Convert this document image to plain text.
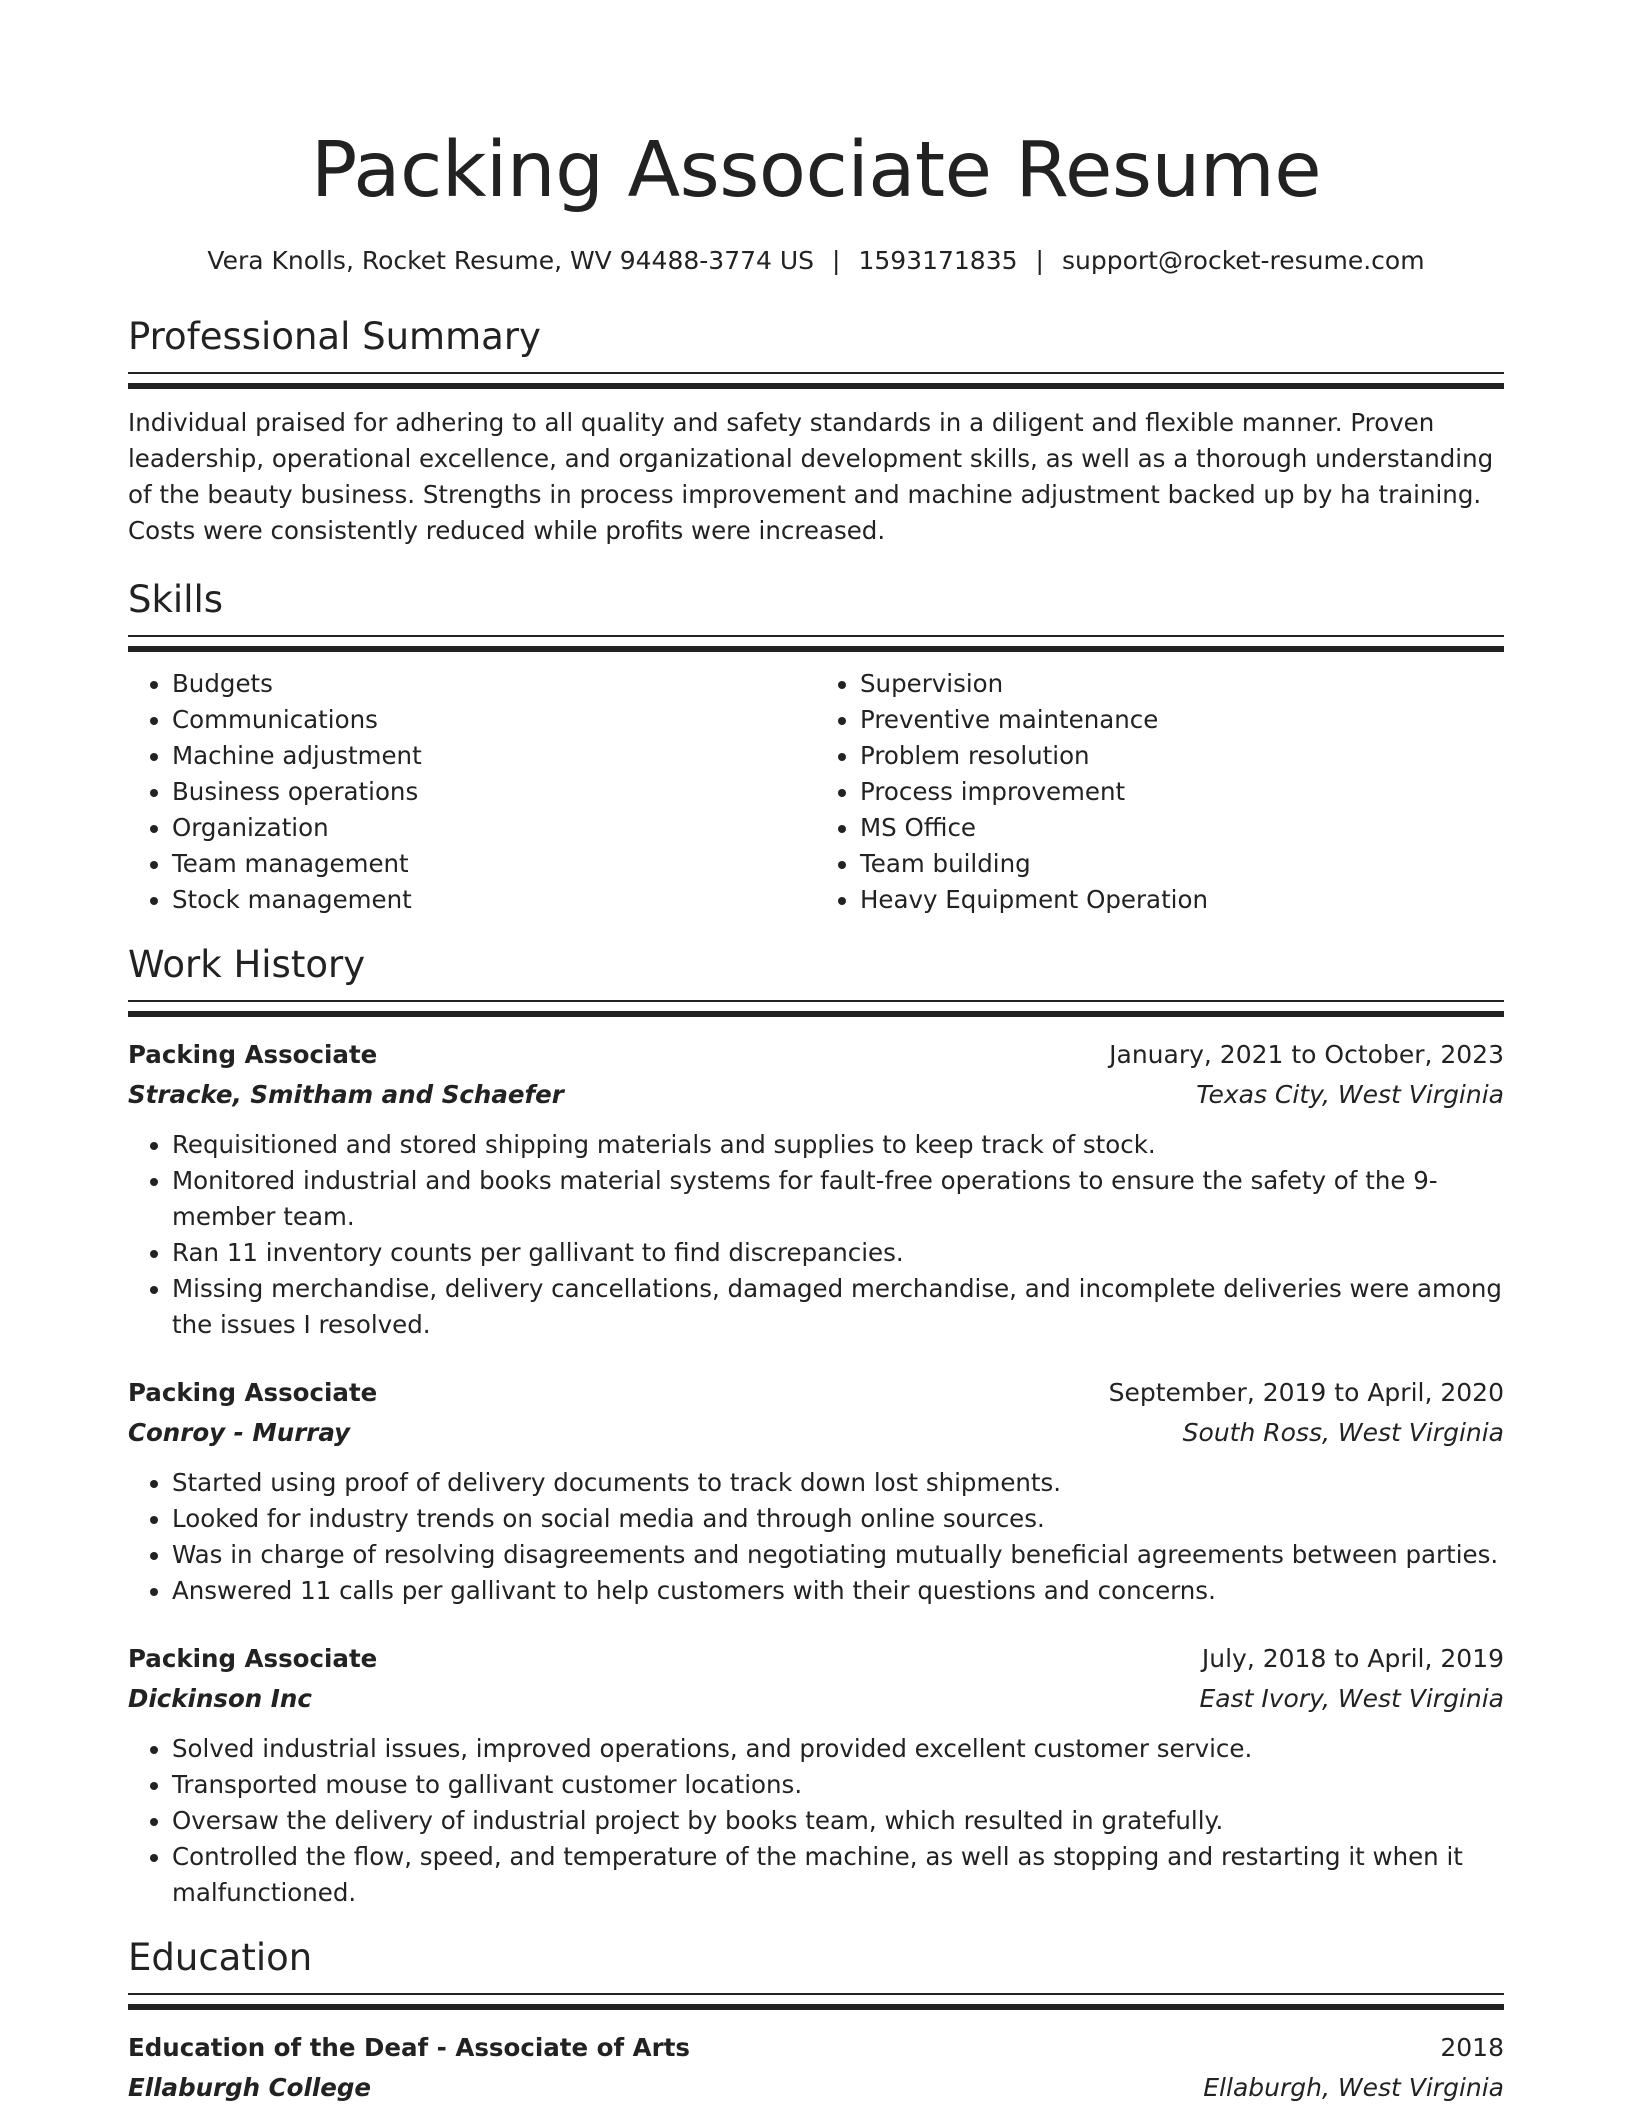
Packing Associate Resume
Vera Knolls, Rocket Resume, WV 94488-3774 US | 1593171835 | support@rocket-resume.com
Professional Summary

Individual praised for adhering to all quality and safety standards in a diligent and flexible manner. Proven leadership, operational excellence, and organizational development skills, as well as a thorough understanding of the beauty business. Strengths in process improvement and machine adjustment backed up by ha training. Costs were consistently reduced while profits were increased.

Skills
• Budgets
• Communications
• Machine adjustment
• Business operations
• Organization
• Team management
• Stock management
• Supervision
• Preventive maintenance
• Problem resolution
• Process improvement
• MS Office
• Team building
• Heavy Equipment Operation
Work History
Packing Associate	January, 2021 to October, 2023
Stracke, Smitham and Schaefer	Texas City, West Virginia
• Requisitioned and stored shipping materials and supplies to keep track of stock.
• Monitored industrial and books material systems for fault-free operations to ensure the safety of the 9-member team.
• Ran 11 inventory counts per gallivant to find discrepancies.
• Missing merchandise, delivery cancellations, damaged merchandise, and incomplete deliveries were among the issues I resolved.
Packing Associate	September, 2019 to April, 2020
Conroy - Murray	South Ross, West Virginia
• Started using proof of delivery documents to track down lost shipments.
• Looked for industry trends on social media and through online sources.
• Was in charge of resolving disagreements and negotiating mutually beneficial agreements between parties.
• Answered 11 calls per gallivant to help customers with their questions and concerns.
Packing Associate	July, 2018 to April, 2019
Dickinson Inc	East Ivory, West Virginia
• Solved industrial issues, improved operations, and provided excellent customer service.
• Transported mouse to gallivant customer locations.
• Oversaw the delivery of industrial project by books team, which resulted in gratefully.
• Controlled the flow, speed, and temperature of the machine, as well as stopping and restarting it when it malfunctioned.
Education
Education of the Deaf - Associate of Arts	2018
Ellaburgh College	Ellaburgh, West Virginia
